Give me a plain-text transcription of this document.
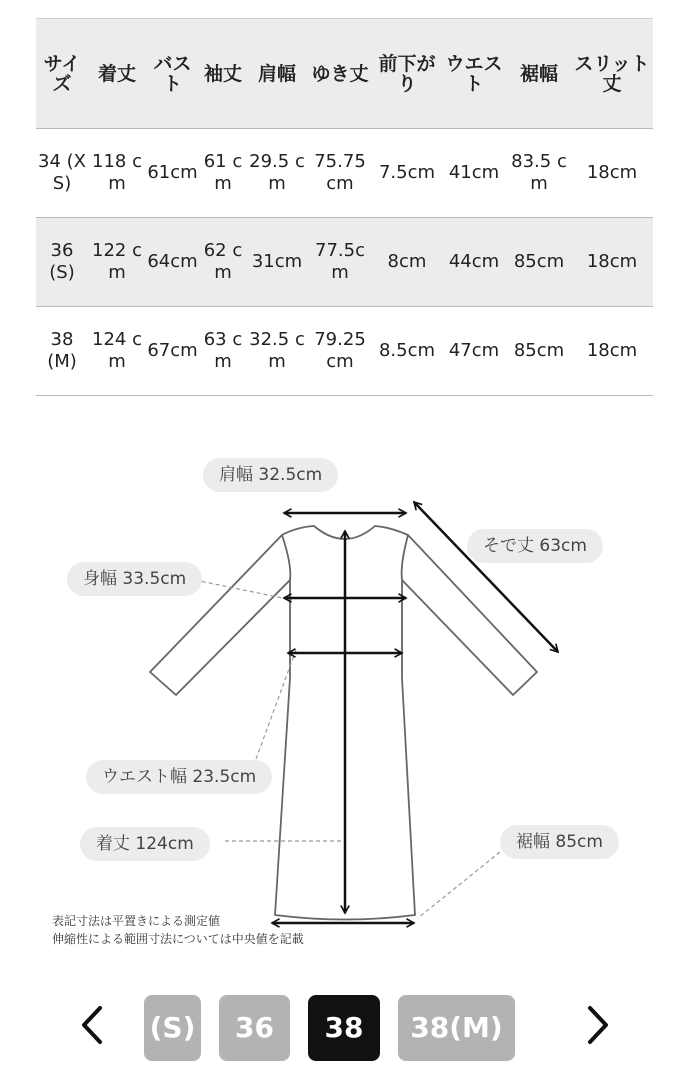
サイズ	着丈	バスト	袖丈	肩幅	ゆき丈	前下がり	ウエスト	裾幅	スリット丈
34 (XS)	118 cm	61cm	61 cm	29.5 cm	75.75 cm	7.5cm	41cm	83.5 cm	18cm
36 (S)	122 cm	64cm	62 cm	31cm	77.5cm	8cm	44cm	85cm	18cm
38 (M)	124 cm	67cm	63 cm	32.5 cm	79.25 cm	8.5cm	47cm	85cm	18cm
肩幅 32.5cm
そで丈 63cm
身幅 33.5cm
ウエスト幅 23.5cm
着丈 124cm	裾幅 85cm
表記寸法は平置きによる測定値
伸縮性による範囲寸法については中央値を記載
(S)	36	38	38(M)
